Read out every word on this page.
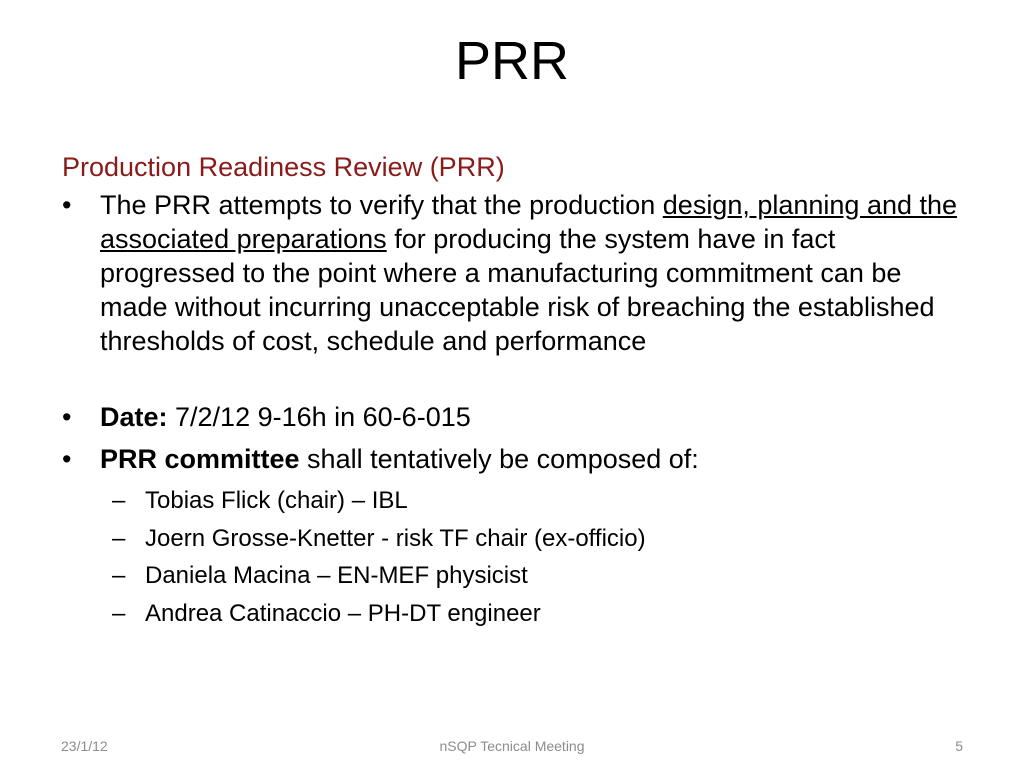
PRR
Production Readiness Review (PRR)
•	The PRR attempts to verify that the production design, planning and the associated preparations for producing the system have in fact progressed to the point where a manufacturing commitment can be made without incurring unacceptable risk of breaching the established thresholds of cost, schedule and performance
•	Date: 7/2/12 9-16h in 60-6-015
•	PRR committee shall tentatively be composed of:
– Tobias Flick (chair) – IBL
– Joern Grosse-Knetter - risk TF chair (ex-officio)
– Daniela Macina – EN-MEF physicist
– Andrea Catinaccio – PH-DT engineer
23/1/12	nSQP Tecnical Meeting	5
